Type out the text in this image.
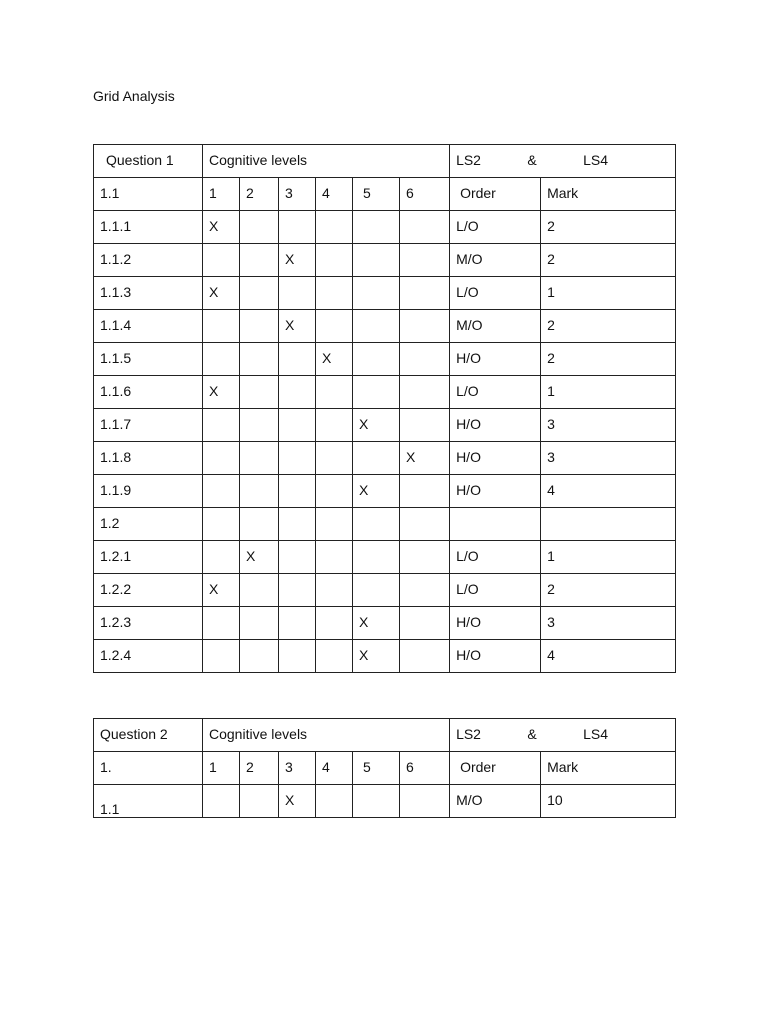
Grid Analysis
Question 1	Cognitive levels						LS2 & LS4	

1.1	1	2	3	4	5	6	Order	Mark
1.1.1	X						L/O	2
1.1.2			X				M/O	2
1.1.3	X						L/O	1
1.1.4			X				M/O	2
1.1.5				X			H/O	2
1.1.6	X						L/O	1
1.1.7					X		H/O	3
1.1.8						X	H/O	3
1.1.9					X		H/O	4
1.2								
1.2.1		X					L/O	1
1.2.2	X						L/O	2
1.2.3					X		H/O	3
1.2.4					X		H/O	4
Question 2	Cognitive levels						LS2 & LS4	

1.	1	2	3	4	5	6	Order	Mark
1.1			X				M/O	10
